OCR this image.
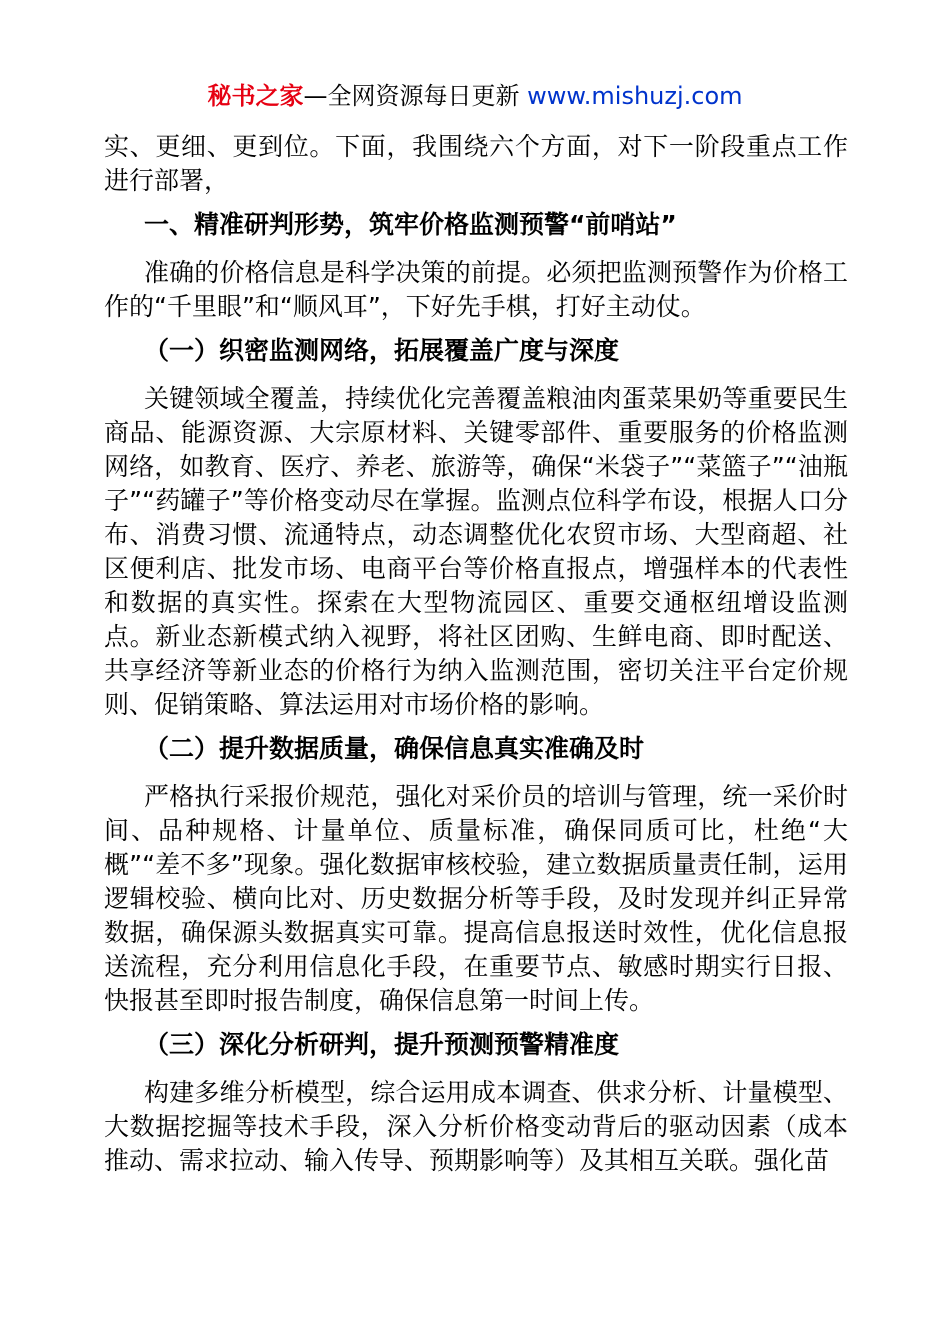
秘书之家—全网资源每日更新 www.mishuzj.com

实、更细、更到位。下面，我围绕六个方面，对下一阶段重点工作进行部署，

一、精准研判形势，筑牢价格监测预警“前哨站”

准确的价格信息是科学决策的前提。必须把监测预警作为价格工作的“千里眼”和“顺风耳”，下好先手棋，打好主动仗。

（一）织密监测网络，拓展覆盖广度与深度

关键领域全覆盖，持续优化完善覆盖粮油肉蛋菜果奶等重要民生商品、能源资源、大宗原材料、关键零部件、重要服务的价格监测网络，如教育、医疗、养老、旅游等，确保“米袋子”“菜篮子”“油瓶子”“药罐子”等价格变动尽在掌握。监测点位科学布设，根据人口分布、消费习惯、流通特点，动态调整优化农贸市场、大型商超、社区便利店、批发市场、电商平台等价格直报点，增强样本的代表性和数据的真实性。探索在大型物流园区、重要交通枢纽增设监测点。新业态新模式纳入视野，将社区团购、生鲜电商、即时配送、共享经济等新业态的价格行为纳入监测范围，密切关注平台定价规则、促销策略、算法运用对市场价格的影响。

（二）提升数据质量，确保信息真实准确及时

严格执行采报价规范，强化对采价员的培训与管理，统一采价时间、品种规格、计量单位、质量标准，确保同质可比，杜绝“大概”“差不多”现象。强化数据审核校验，建立数据质量责任制，运用逻辑校验、横向比对、历史数据分析等手段，及时发现并纠正异常数据，确保源头数据真实可靠。提高信息报送时效性，优化信息报送流程，充分利用信息化手段，在重要节点、敏感时期实行日报、快报甚至即时报告制度，确保信息第一时间上传。

（三）深化分析研判，提升预测预警精准度

构建多维分析模型，综合运用成本调查、供求分析、计量模型、大数据挖掘等技术手段，深入分析价格变动背后的驱动因素（成本推动、需求拉动、输入传导、预期影响等）及其相互关联。强化苗
